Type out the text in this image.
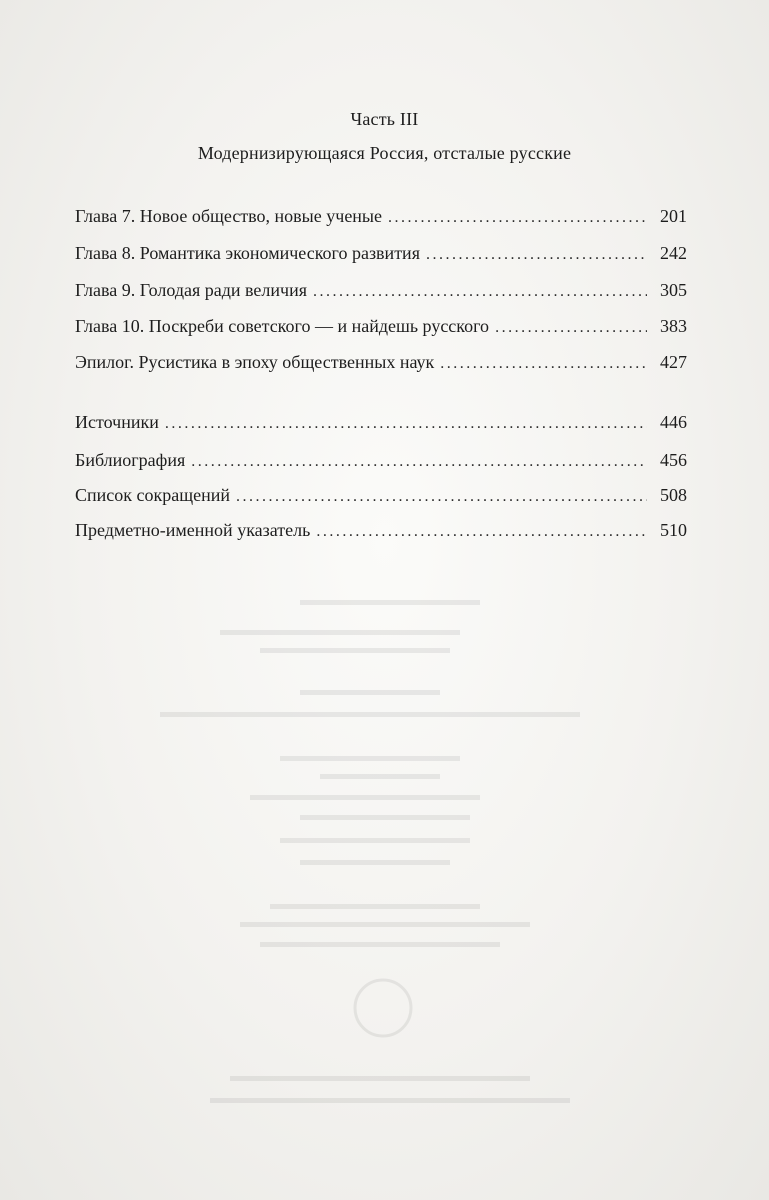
Часть III
Модернизирующаяся Россия, отсталые русские
Глава 7. Новое общество, новые ученые . . .	201
Глава 8. Романтика экономического развития . . .	242
Глава 9. Голодая ради величия . . .	305
Глава 10. Поскреби советского — и найдешь русского . . .	383
Эпилог. Русистика в эпоху общественных наук . . .	427
Источники . . .	446
Библиография . . .	456
Список сокращений . . .	508
Предметно-именной указатель . . .	510
